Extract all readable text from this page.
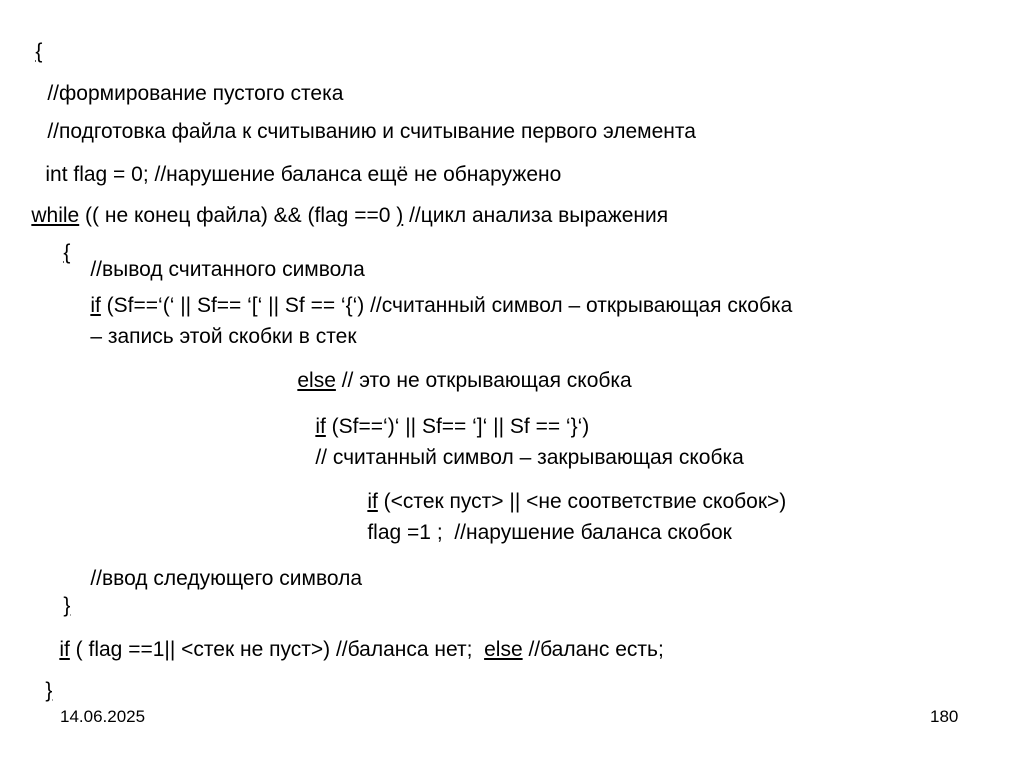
{

//формирование пустого стека

//подготовка файла к считыванию и считывание первого элемента

int flag = 0; //нарушение баланса ещё не обнаружено

while (( не конец файла) && (flag ==0 ) //цикл анализа выражения

{

//вывод считанного символа

if (Sf==‘(‘ || Sf== ‘[‘ || Sf == ‘{‘) //считанный символ – открывающая скобка

– запись этой скобки в стек

else // это не открывающая скобка

if (Sf==‘)‘ || Sf== ‘]‘ || Sf == ‘}‘)

// считанный символ – закрывающая скобка

if (<стек пуст> || <не соответствие скобок>)

flag =1 ;  //нарушение баланса скобок

//ввод следующего символа

}

if ( flag ==1|| <стек не пуст>) //баланса нет;  else //баланс есть;

}

14.06.2025	180
